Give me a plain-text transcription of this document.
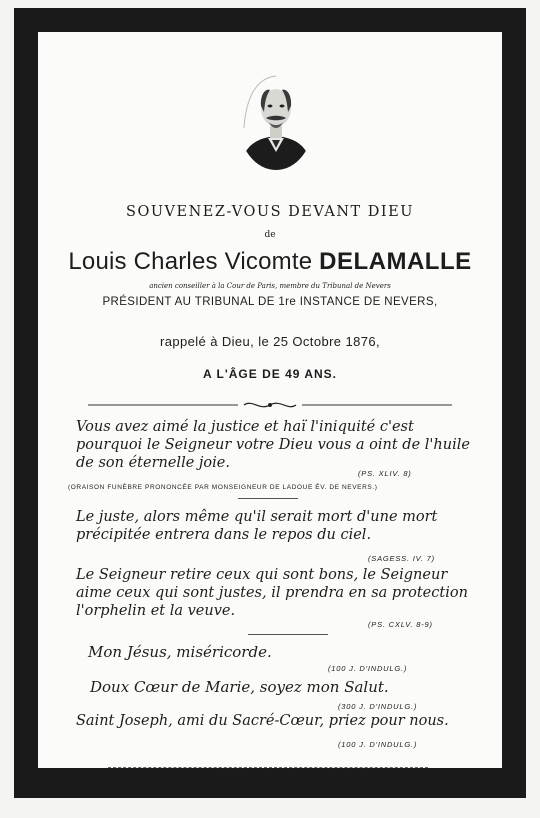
SOUVENEZ-VOUS DEVANT DIEU
de
Louis Charles Vicomte DELAMALLE
ancien conseiller à la Cour de Paris, membre du Tribunal de Nevers
PRÉSIDENT AU TRIBUNAL DE 1re INSTANCE DE NEVERS,
rappelé à Dieu, le 25 Octobre 1876,
A L'ÂGE DE 49 ANS.
Vous avez aimé la justice et haï l'iniquité c'est pourquoi le Seigneur votre Dieu vous a oint de l'huile de son éternelle joie.
(PS. XLIV. 8)
(ORAISON FUNÈBRE PRONONCÉE PAR MONSEIGNEUR DE LADOUE ÉV. DE NEVERS.)
Le juste, alors même qu'il serait mort d'une mort précipitée entrera dans le repos du ciel.
(SAGESS. IV. 7)
Le Seigneur retire ceux qui sont bons, le Seigneur aime ceux qui sont justes, il prendra en sa protection l'orphelin et la veuve.
(PS. CXLV. 8-9)
Mon Jésus, miséricorde.
(100 J. D'INDULG.)
Doux Cœur de Marie, soyez mon Salut.
(300 J. D'INDULG.)
Saint Joseph, ami du Sacré-Cœur, priez pour nous.
(100 J. D'INDULG.)
IMP. BOUASSE LEBEL 10 ET 29 R. ST SULPICE PARIS
